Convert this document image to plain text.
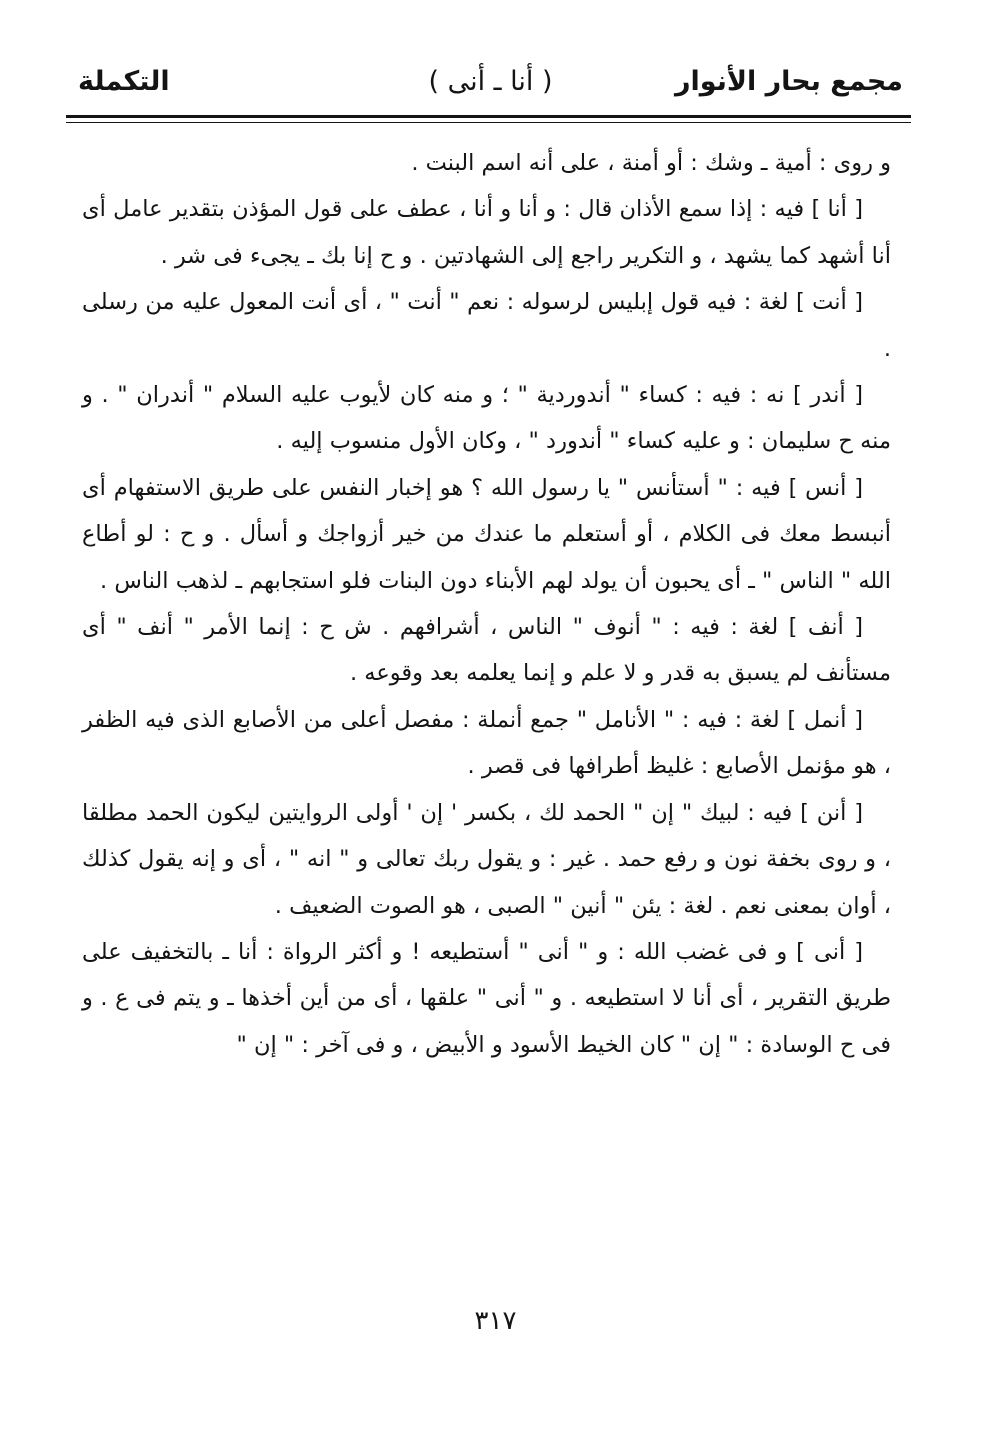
مجمع بحار الأنوار
( أنا ـ أنى )
التكملة

و روى : أمية ـ وشك : أو أمنة ، على أنه اسم البنت .

[ أنا ] فيه : إذا سمع الأذان قال : و أنا و أنا ، عطف على قول المؤذن بتقدير عامل أى أنا أشهد كما يشهد ، و التكرير راجع إلى الشهادتين . و ح إنا بك ـ يجىء فى شر .

[ أنت ] لغة : فيه قول إبليس لرسوله : نعم " أنت " ، أى أنت المعول عليه من رسلى .

[ أندر ] نه : فيه : كساء " أندوردية " ؛ و منه كان لأيوب عليه السلام " أندران " . و منه ح سليمان : و عليه كساء " أندورد " ، وكان الأول منسوب إليه .

[ أنس ] فيه : " أستأنس " يا رسول الله ؟ هو إخبار النفس على طريق الاستفهام أى أنبسط معك فى الكلام ، أو أستعلم ما عندك من خير أزواجك و أسأل . و ح : لو أطاع الله " الناس " ـ أى يحبون أن يولد لهم الأبناء دون البنات فلو استجابهم ـ لذهب الناس .

[ أنف ] لغة : فيه : " أنوف " الناس ، أشرافهم . ش ح : إنما الأمر " أنف " أى مستأنف لم يسبق به قدر و لا علم و إنما يعلمه بعد وقوعه .

[ أنمل ] لغة : فيه : " الأنامل " جمع أنملة : مفصل أعلى من الأصابع الذى فيه الظفر ، هو مؤنمل الأصابع : غليظ أطرافها فى قصر .

[ أنن ] فيه : لبيك " إن " الحمد لك ، بكسر ' إن ' أولى الروايتين ليكون الحمد مطلقا ، و روى بخفة نون و رفع حمد . غير : و يقول ربك تعالى و " انه " ، أى و إنه يقول كذلك ، أوان بمعنى نعم . لغة : يئن " أنين " الصبى ، هو الصوت الضعيف .

[ أنى ] و فى غضب الله : و " أنى " أستطيعه ! و أكثر الرواة : أنا ـ بالتخفيف على طريق التقرير ، أى أنا لا استطيعه . و " أنى " علقها ، أى من أين أخذها ـ و يتم فى ع . و فى ح الوسادة : " إن " كان الخيط الأسود و الأبيض ، و فى آخر : " إن "

٣١٧
